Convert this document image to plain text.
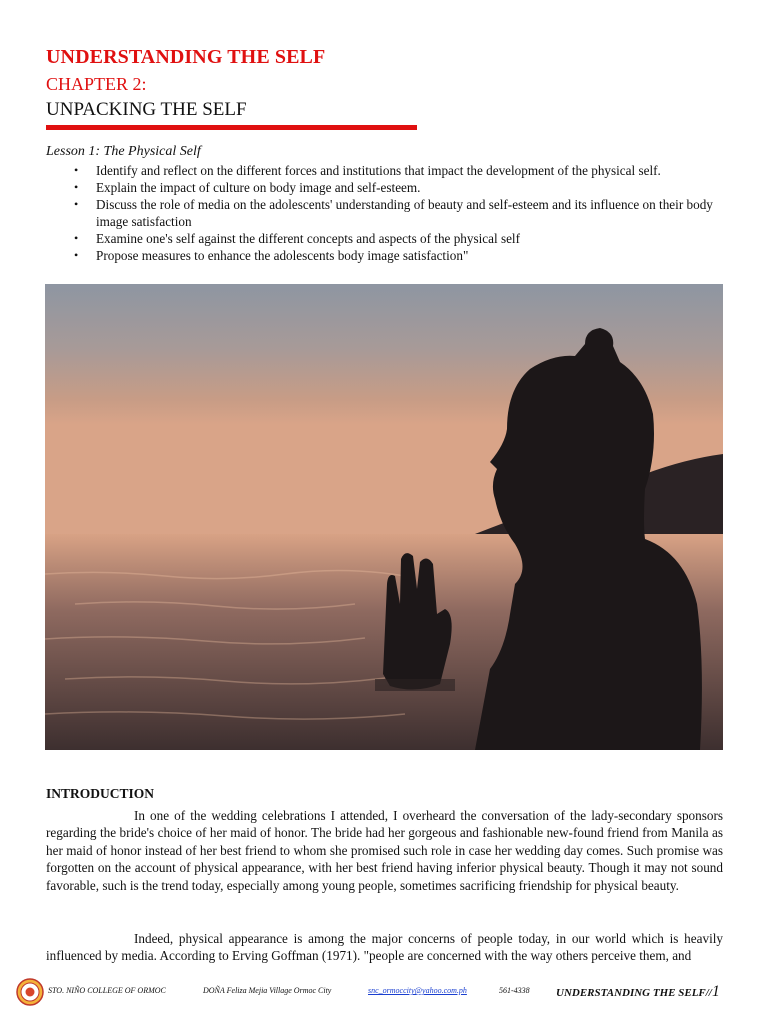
UNDERSTANDING THE SELF
CHAPTER 2:
UNPACKING THE SELF
Lesson 1: The Physical Self
• Identify and reflect on the different forces and institutions that impact the development of the physical self.
• Explain the impact of culture on body image and self-esteem.
• Discuss the role of media on the adolescents' understanding of beauty and self-esteem and its influence on their body image satisfaction
• Examine one's self against the different concepts and aspects of the physical self
• Propose measures to enhance the adolescents body image satisfaction"
INTRODUCTION

In one of the wedding celebrations I attended, I overheard the conversation of the lady-secondary sponsors regarding the bride's choice of her maid of honor. The bride had her gorgeous and fashionable new-found friend from Manila as her maid of honor instead of her best friend to whom she promised such role in case her wedding day comes. Such promise was forgotten on the account of physical appearance, with her best friend having inferior physical beauty. Though it may not sound favorable, such is the trend today, especially among young people, sometimes sacrificing friendship for physical beauty.

Indeed, physical appearance is among the major concerns of people today, in our world which is heavily influenced by media. According to Erving Goffman (1971). "people are concerned with the way others perceive them, and

STO. NIÑO COLLEGE OF ORMOC	DOÑA Feliza Mejia Village Ormoc City	snc_ormoccity@yahoo.com.ph	561-4338 UNDERSTANDING THE SELF//1
